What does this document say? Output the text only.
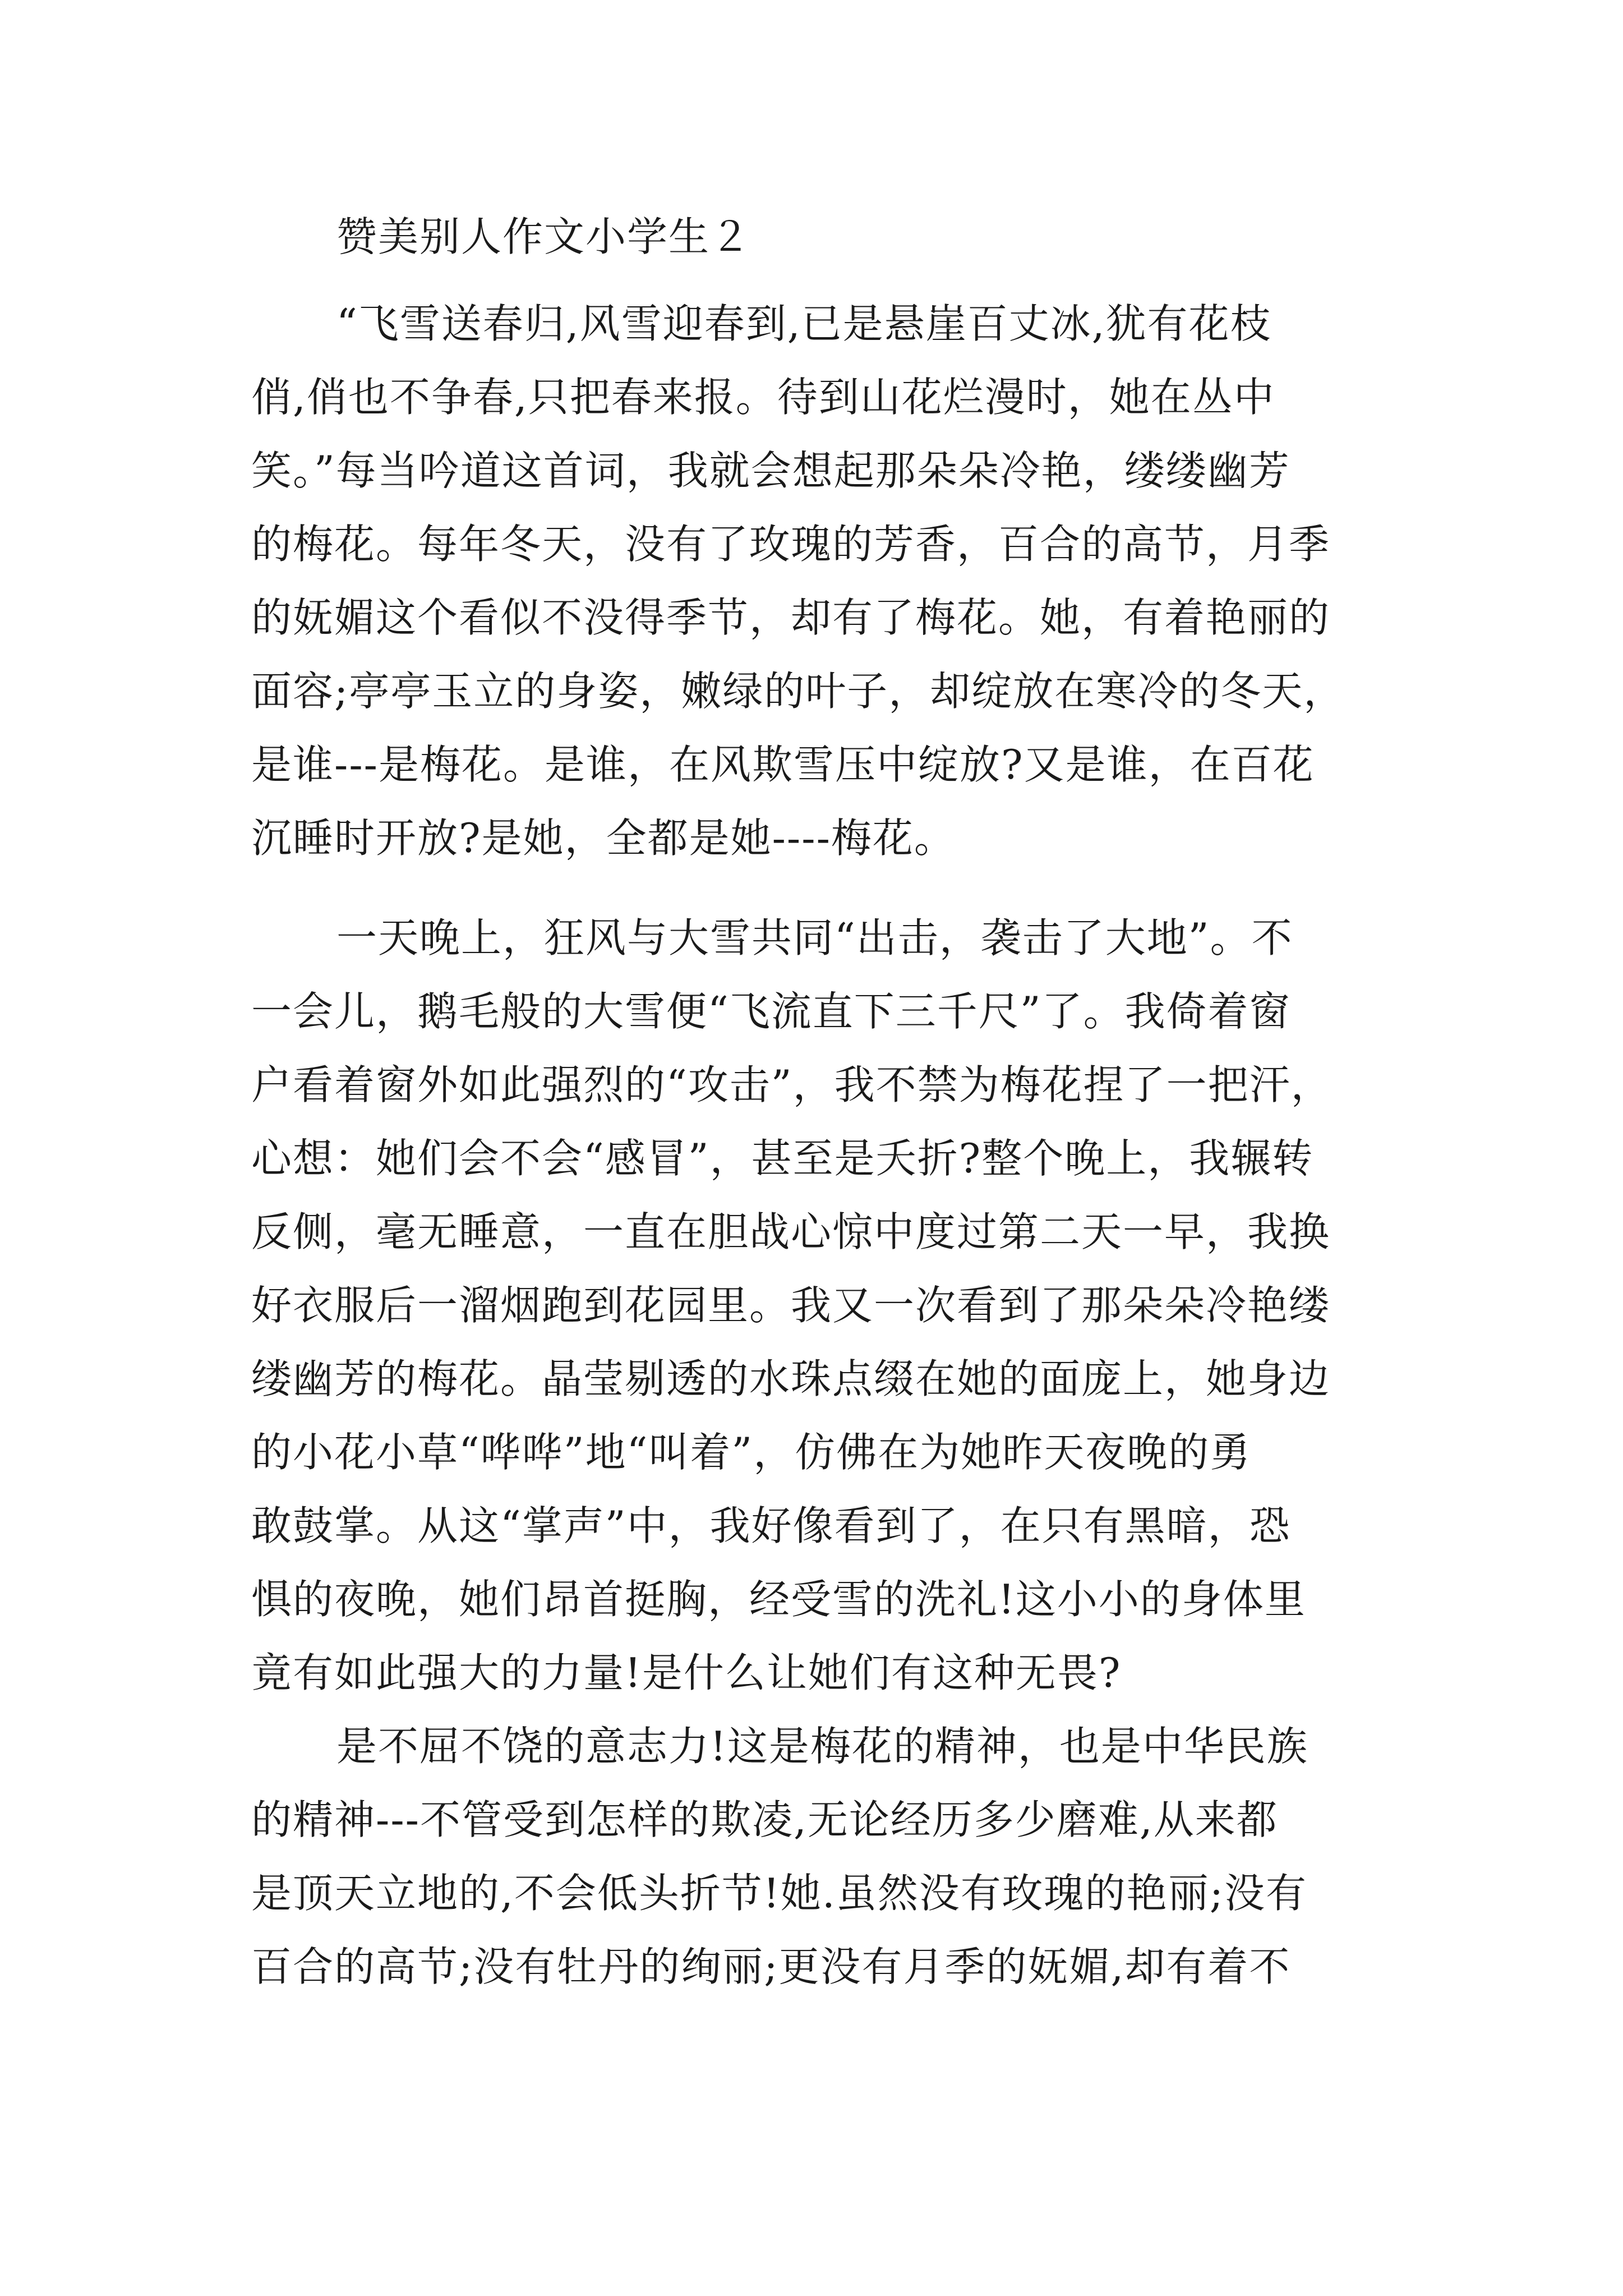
赞美别人作文小学生２
“飞雪送春归,风雪迎春到,已是悬崖百丈冰,犹有花枝
俏,俏也不争春,只把春来报。待到山花烂漫时，她在丛中
笑。”每当吟道这首词，我就会想起那朵朵冷艳，缕缕幽芳
的梅花。每年冬天，没有了玫瑰的芳香，百合的高节，月季
的妩媚这个看似不没得季节，却有了梅花。她，有着艳丽的
面容;亭亭玉立的身姿，嫩绿的叶子，却绽放在寒冷的冬天，
是谁---是梅花。是谁，在风欺雪压中绽放?又是谁，在百花
沉睡时开放?是她，全都是她----梅花。
一天晚上，狂风与大雪共同“出击，袭击了大地”。不
一会儿，鹅毛般的大雪便“飞流直下三千尺”了。我倚着窗
户看着窗外如此强烈的“攻击”，我不禁为梅花捏了一把汗，
心想：她们会不会“感冒”，甚至是夭折?整个晚上，我辗转
反侧，毫无睡意，一直在胆战心惊中度过第二天一早，我换
好衣服后一溜烟跑到花园里。我又一次看到了那朵朵冷艳缕
缕幽芳的梅花。晶莹剔透的水珠点缀在她的面庞上，她身边
的小花小草“哗哗”地“叫着”，仿佛在为她昨天夜晚的勇
敢鼓掌。从这“掌声”中，我好像看到了，在只有黑暗，恐
惧的夜晚，她们昂首挺胸，经受雪的洗礼!这小小的身体里
竟有如此强大的力量!是什么让她们有这种无畏?
是不屈不饶的意志力!这是梅花的精神，也是中华民族
的精神---不管受到怎样的欺凌,无论经历多少磨难,从来都
是顶天立地的,不会低头折节!她.虽然没有玫瑰的艳丽;没有
百合的高节;没有牡丹的绚丽;更没有月季的妩媚,却有着不
